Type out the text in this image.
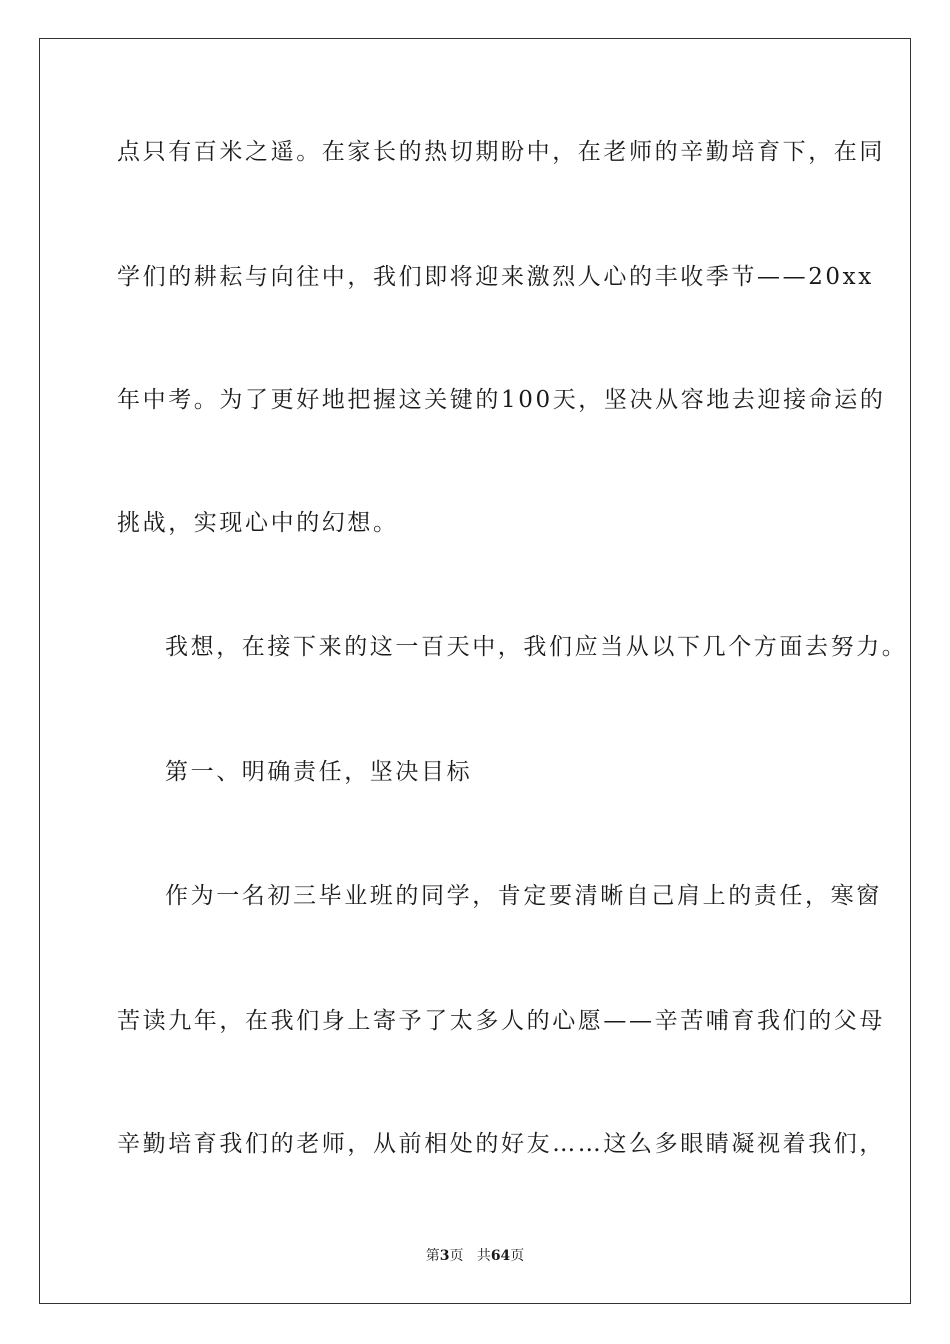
点只有百米之遥。在家长的热切期盼中，在老师的辛勤培育下，在同

学们的耕耘与向往中，我们即将迎来激烈人心的丰收季节——20xx

年中考。为了更好地把握这关键的100天，坚决从容地去迎接命运的

挑战，实现心中的幻想。

我想，在接下来的这一百天中，我们应当从以下几个方面去努力。

第一、明确责任，坚决目标

作为一名初三毕业班的同学，肯定要清晰自己肩上的责任，寒窗

苦读九年，在我们身上寄予了太多人的心愿——辛苦哺育我们的父母

辛勤培育我们的老师，从前相处的好友……这么多眼睛凝视着我们，

第3页 共64页
